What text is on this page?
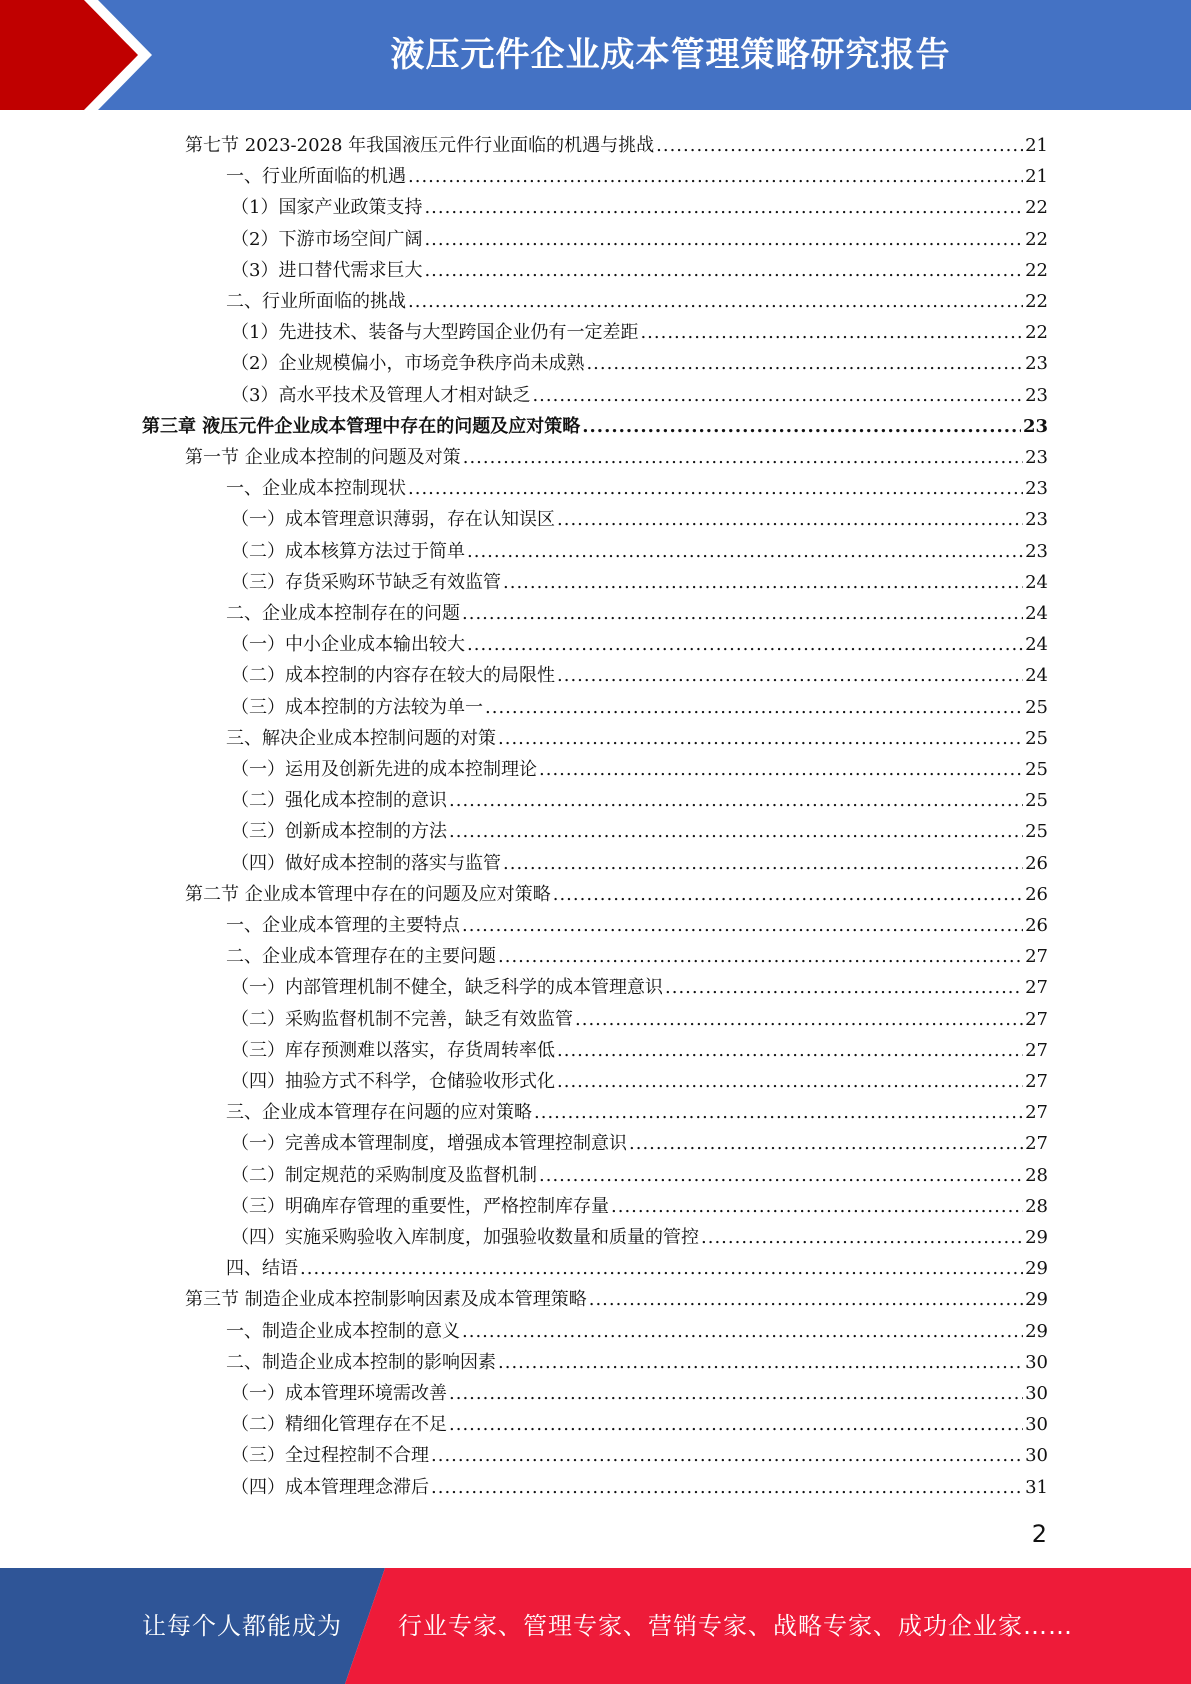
液压元件企业成本管理策略研究报告
第七节 2023-2028 年我国液压元件行业面临的机遇与挑战 .....	21
一、行业所面临的机遇 .....	21
（1）国家产业政策支持 .....	22
（2）下游市场空间广阔 .....	22
（3）进口替代需求巨大 .....	22
二、行业所面临的挑战 .....	22
（1）先进技术、装备与大型跨国企业仍有一定差距 .....	22
（2）企业规模偏小，市场竞争秩序尚未成熟 .....	23
（3）高水平技术及管理人才相对缺乏 .....	23
第三章 液压元件企业成本管理中存在的问题及应对策略 .....	23
第一节 企业成本控制的问题及对策 .....	23
一、企业成本控制现状 .....	23
（一）成本管理意识薄弱，存在认知误区 .....	23
（二）成本核算方法过于简单 .....	23
（三）存货采购环节缺乏有效监管 .....	24
二、企业成本控制存在的问题 .....	24
（一）中小企业成本输出较大 .....	24
（二）成本控制的内容存在较大的局限性 .....	24
（三）成本控制的方法较为单一 .....	25
三、解决企业成本控制问题的对策 .....	25
（一）运用及创新先进的成本控制理论 .....	25
（二）强化成本控制的意识 .....	25
（三）创新成本控制的方法 .....	25
（四）做好成本控制的落实与监管 .....	26
第二节 企业成本管理中存在的问题及应对策略 .....	26
一、企业成本管理的主要特点 .....	26
二、企业成本管理存在的主要问题 .....	27
（一）内部管理机制不健全，缺乏科学的成本管理意识 .....	27
（二）采购监督机制不完善，缺乏有效监管 .....	27
（三）库存预测难以落实，存货周转率低 .....	27
（四）抽验方式不科学，仓储验收形式化 .....	27
三、企业成本管理存在问题的应对策略 .....	27
（一）完善成本管理制度，增强成本管理控制意识 .....	27
（二）制定规范的采购制度及监督机制 .....	28
（三）明确库存管理的重要性，严格控制库存量 .....	28
（四）实施采购验收入库制度，加强验收数量和质量的管控 .....	29
四、结语 .....	29
第三节 制造企业成本控制影响因素及成本管理策略 .....	29
一、制造企业成本控制的意义 .....	29
二、制造企业成本控制的影响因素 .....	30
（一）成本管理环境需改善 .....	30
（二）精细化管理存在不足 .....	30
（三）全过程控制不合理 .....	30
（四）成本管理理念滞后 .....	31
2
让每个人都能成为 行业专家、管理专家、营销专家、战略专家、成功企业家……
